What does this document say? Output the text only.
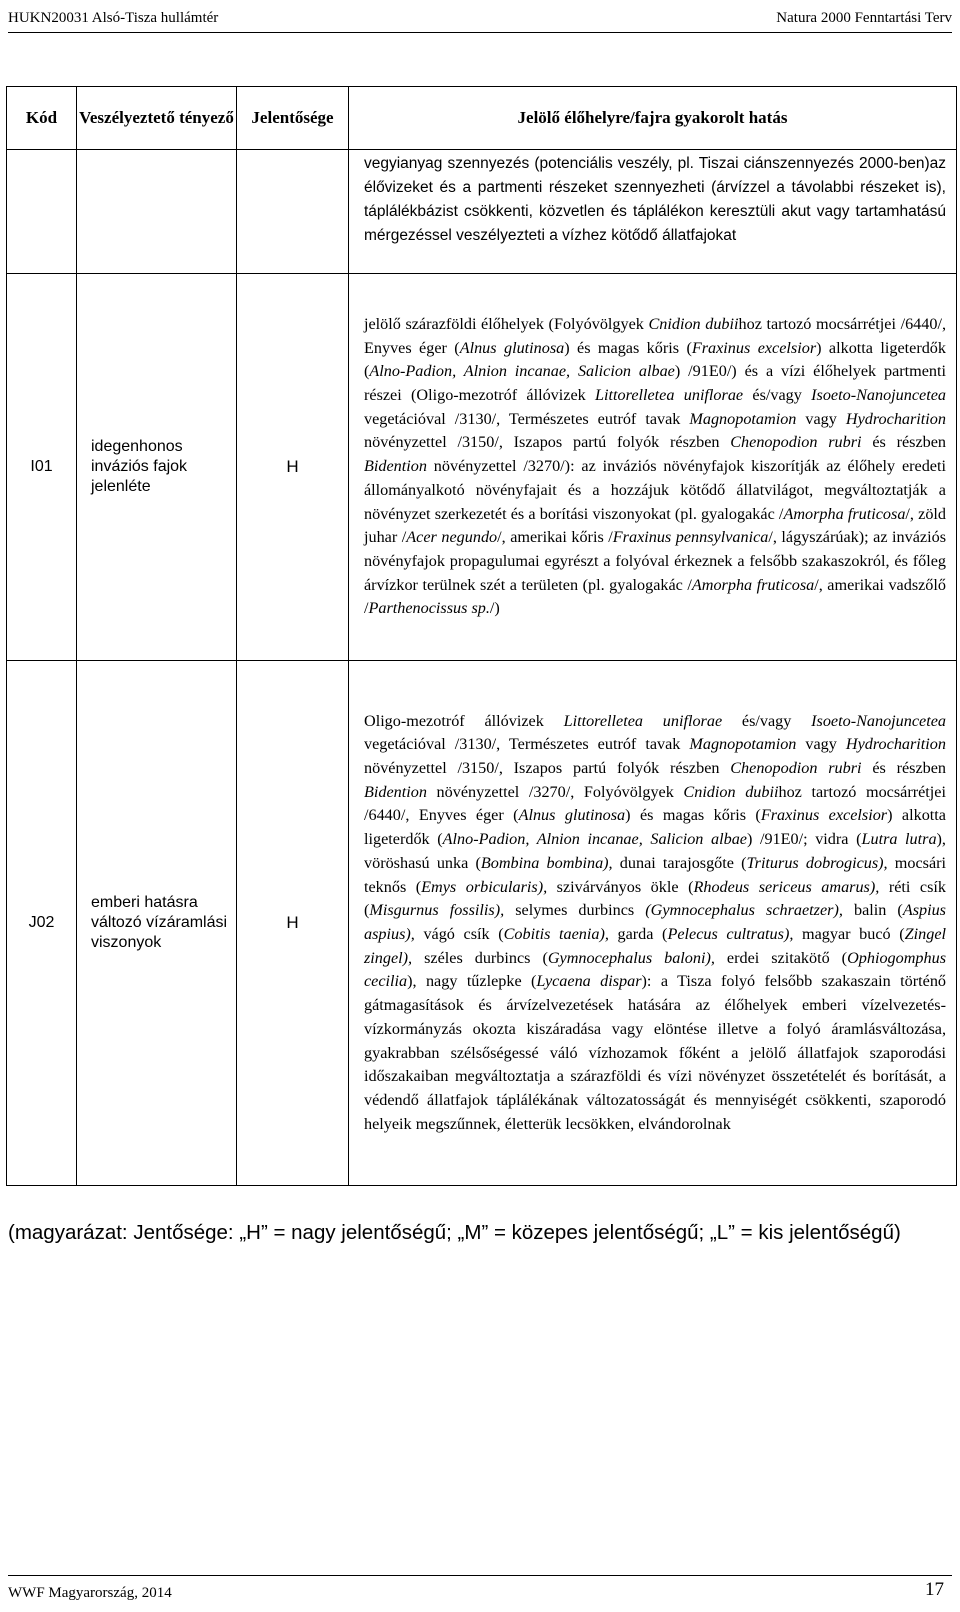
HUKN20031 Alsó-Tisza hullámtér	Natura 2000 Fenntartási Terv
Kód	Veszélyeztető tényező	Jelentősége	Jelölő élőhelyre/fajra gyakorolt hatás
			vegyianyag szennyezés (potenciális veszély, pl. Tiszai ciánszennyezés 2000-ben)az élővizeket és a partmenti részeket szennyezheti (árvízzel a távolabbi részeket is), táplálékbázist csökkenti, közvetlen és táplálékon keresztüli akut vagy tartamhatású mérgezéssel veszélyezteti a vízhez kötődő állatfajokat
I01	idegenhonos inváziós fajok jelenléte	H	jelölő szárazföldi élőhelyek (Folyóvölgyek Cnidion dubiihoz tartozó mocsárrétjei /6440/, Enyves éger (Alnus glutinosa) és magas kőris (Fraxinus excelsior) alkotta ligeterdők (Alno-Padion, Alnion incanae, Salicion albae) /91E0/) és a vízi élőhelyek partmenti részei (Oligo-mezotróf állóvizek Littorelletea uniflorae és/vagy Isoeto-Nanojuncetea vegetációval /3130/, Természetes eutróf tavak Magnopotamion vagy Hydrocharition növényzettel /3150/, Iszapos partú folyók részben Chenopodion rubri és részben Bidention növényzettel /3270/): az inváziós növényfajok kiszorítják az élőhely eredeti állományalkotó növényfajait és a hozzájuk kötődő állatvilágot, megváltoztatják a növényzet szerkezetét és a borítási viszonyokat (pl. gyalogakác /Amorpha fruticosa/, zöld juhar /Acer negundo/, amerikai kőris /Fraxinus pennsylvanica/, lágyszárúak); az inváziós növényfajok propagulumai egyrészt a folyóval érkeznek a felsőbb szakaszokról, és főleg árvízkor terülnek szét a területen (pl. gyalogakác /Amorpha fruticosa/, amerikai vadszőlő /Parthenocissus sp./)
J02	emberi hatásra változó vízáramlási viszonyok	H	Oligo-mezotróf állóvizek Littorelletea uniflorae és/vagy Isoeto-Nanojuncetea vegetációval /3130/, Természetes eutróf tavak Magnopotamion vagy Hydrocharition növényzettel /3150/, Iszapos partú folyók részben Chenopodion rubri és részben Bidention növényzettel /3270/, Folyóvölgyek Cnidion dubiihoz tartozó mocsárrétjei /6440/, Enyves éger (Alnus glutinosa) és magas kőris (Fraxinus excelsior) alkotta ligeterdők (Alno-Padion, Alnion incanae, Salicion albae) /91E0/; vidra (Lutra lutra), vöröshasú unka (Bombina bombina), dunai tarajosgőte (Triturus dobrogicus), mocsári teknős (Emys orbicularis), szivárványos ökle (Rhodeus sericeus amarus), réti csík (Misgurnus fossilis), selymes durbincs (Gymnocephalus schraetzer), balin (Aspius aspius), vágó csík (Cobitis taenia), garda (Pelecus cultratus), magyar bucó (Zingel zingel), széles durbincs (Gymnocephalus baloni), erdei szitakötő (Ophiogomphus cecilia), nagy tűzlepke (Lycaena dispar): a Tisza folyó felsőbb szakaszain történő gátmagasítások és árvízelvezetések hatására az élőhelyek emberi vízelvezetés-vízkormányzás okozta kiszáradása vagy elöntése illetve a folyó áramlásváltozása, gyakrabban szélsőségessé váló vízhozamok főként a jelölő állatfajok szaporodási időszakaiban megváltoztatja a szárazföldi és vízi növényzet összetételét és borítását, a védendő állatfajok táplálékának változatosságát és mennyiségét csökkenti, szaporodó helyeik megszűnnek, életterük lecsökken, elvándorolnak
(magyarázat: Jentősége: „H” = nagy jelentőségű; „M” = közepes jelentőségű; „L” = kis jelentőségű)
WWF Magyarország, 2014	17
